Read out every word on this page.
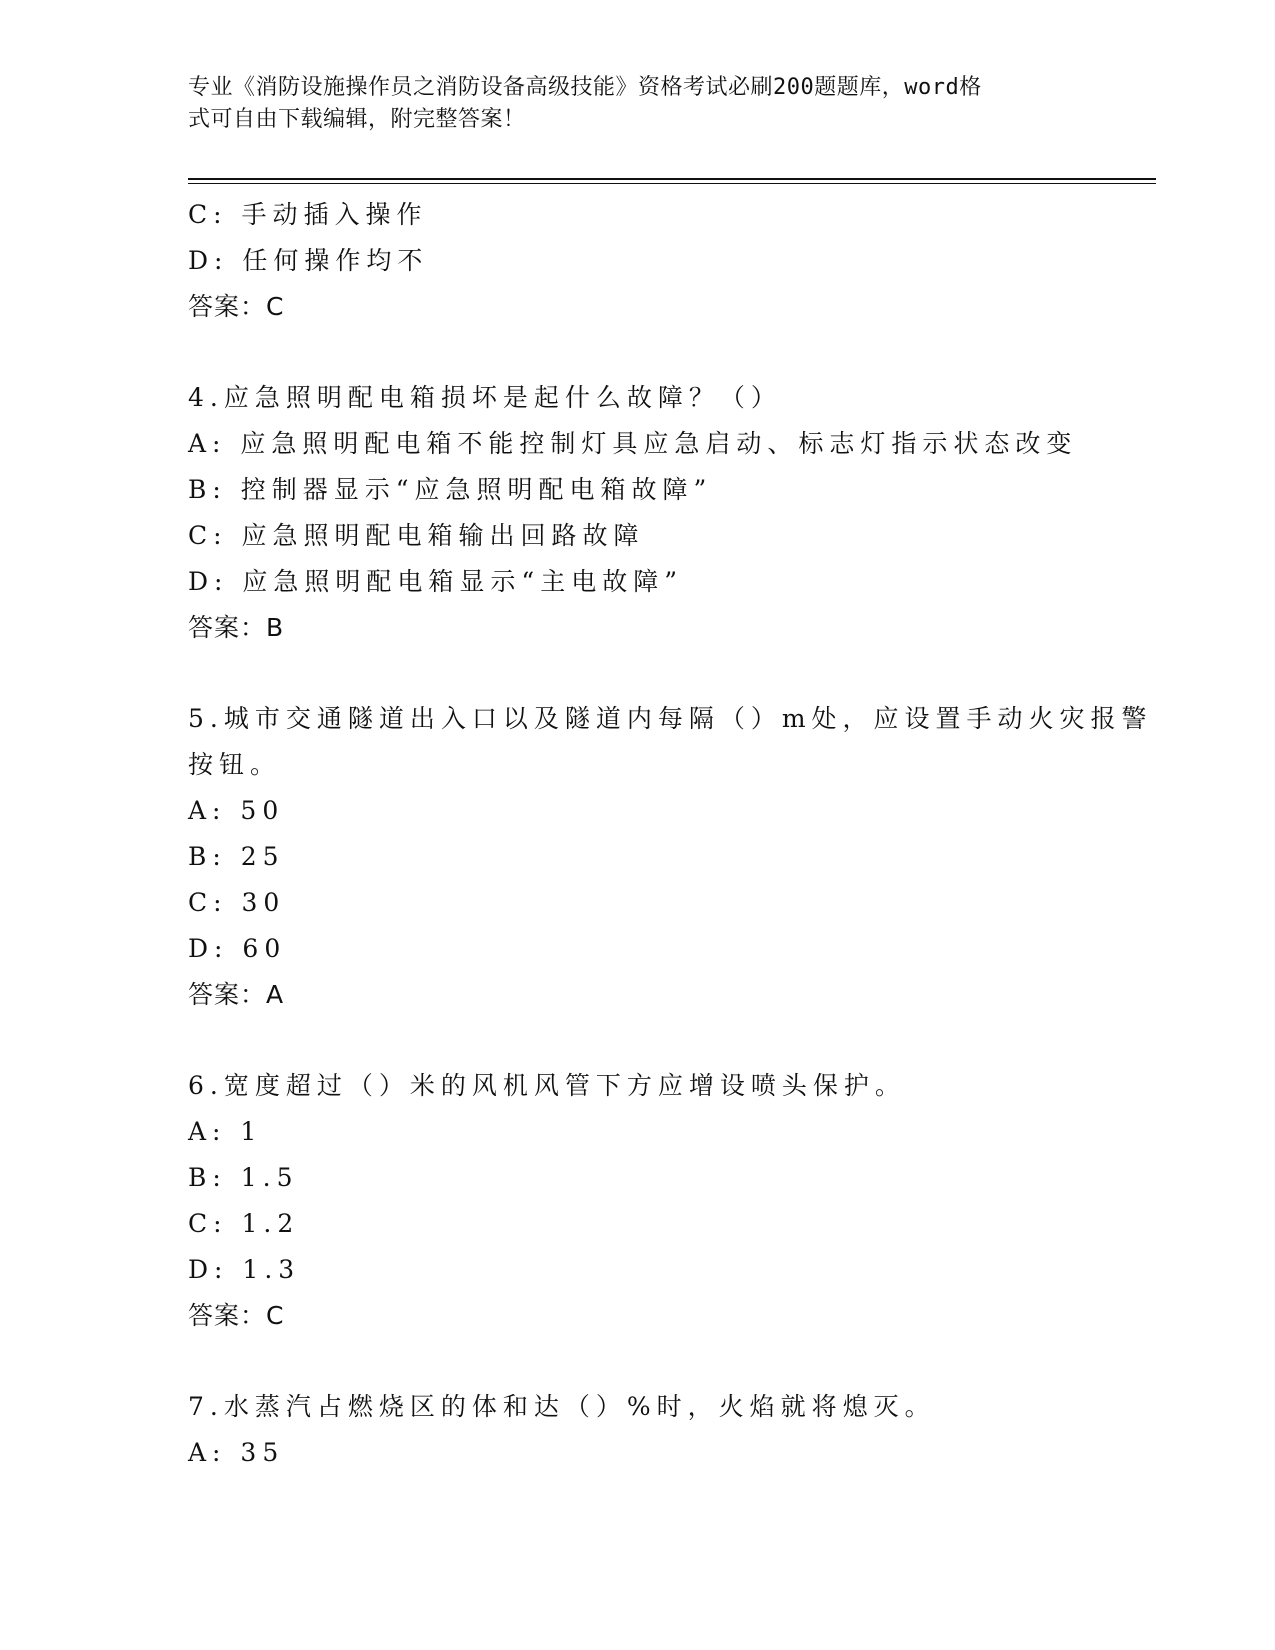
专业《消防设施操作员之消防设备高级技能》资格考试必刷200题题库，word格
式可自由下载编辑，附完整答案！
C: 手动插入操作
D: 任何操作均不
答案：C
4.应急照明配电箱损坏是起什么故障？（）
A: 应急照明配电箱不能控制灯具应急启动、标志灯指示状态改变
B: 控制器显示“应急照明配电箱故障”
C: 应急照明配电箱输出回路故障
D: 应急照明配电箱显示“主电故障”
答案：B
5.城市交通隧道出入口以及隧道内每隔（）m处，应设置手动火灾报警
按钮。
A: 50
B: 25
C: 30
D: 60
答案：A
6.宽度超过（）米的风机风管下方应增设喷头保护。
A: 1
B: 1.5
C: 1.2
D: 1.3
答案：C
7.水蒸汽占燃烧区的体和达（）%时，火焰就将熄灭。
A: 35
